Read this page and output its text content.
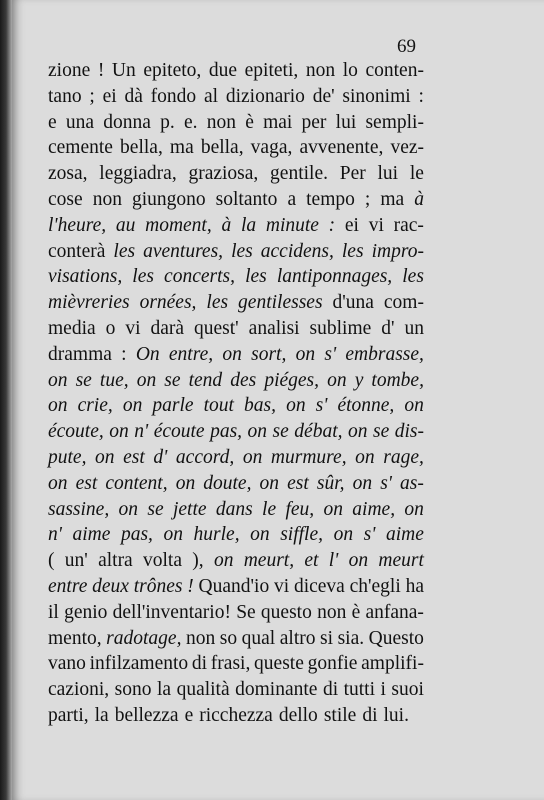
69
zione ! Un epiteto, due epiteti, non lo conten-
tano ; ei dà fondo al dizionario de' sinonimi :
e una donna p. e. non è mai per lui sempli-
cemente bella, ma bella, vaga, avvenente, vez-
zosa, leggiadra, graziosa, gentile. Per lui le
cose non giungono soltanto a tempo ; ma à
l'heure, au moment, à la minute : ei vi rac-
conterà les aventures, les accidens, les impro-
visations, les concerts, les lantiponnages, les
mièvreries ornées, les gentilesses d'una com-
media o vi darà quest' analisi sublime d' un
dramma : On entre, on sort, on s' embrasse,
on se tue, on se tend des piéges, on y tombe,
on crie, on parle tout bas, on s' étonne, on
écoute, on n' écoute pas, on se débat, on se dis-
pute, on est d' accord, on murmure, on rage,
on est content, on doute, on est sûr, on s' as-
sassine, on se jette dans le feu, on aime, on
n' aime pas, on hurle, on siffle, on s' aime
( un' altra volta ), on meurt, et l' on meurt
entre deux trônes ! Quand'io vi diceva ch'egli ha
il genio dell'inventario! Se questo non è anfana-
mento, radotage, non so qual altro si sia. Questo
vano infilzamento di frasi, queste gonfie amplifi-
cazioni, sono la qualità dominante di tutti i suoi
parti, la bellezza e ricchezza dello stile di lui.
